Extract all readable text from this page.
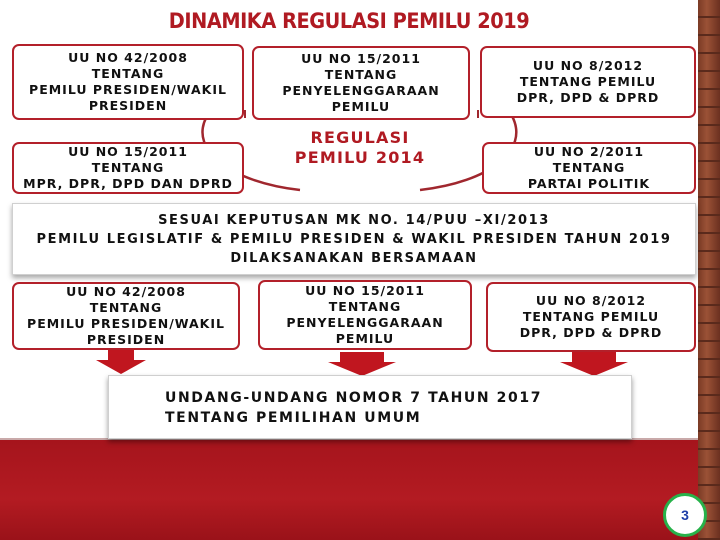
DINAMIKA REGULASI PEMILU 2019
UU NO 42/2008
TENTANG
PEMILU PRESIDEN/WAKIL
PRESIDEN
UU NO 15/2011
TENTANG
PENYELENGGARAAN
PEMILU
UU NO 8/2012
TENTANG PEMILU
DPR, DPD & DPRD
UU NO 15/2011
TENTANG
MPR, DPR, DPD DAN DPRD
REGULASI
PEMILU 2014	UU NO 2/2011
TENTANG
PARTAI POLITIK
SESUAI KEPUTUSAN MK NO. 14/PUU –XI/2013
PEMILU LEGISLATIF & PEMILU PRESIDEN & WAKIL PRESIDEN TAHUN 2019
DILAKSANAKAN BERSAMAAN
UU NO 42/2008
TENTANG
PEMILU PRESIDEN/WAKIL
PRESIDEN
UU NO 15/2011
TENTANG
PENYELENGGARAAN
PEMILU
UU NO 8/2012
TENTANG PEMILU
DPR, DPD & DPRD
UNDANG-UNDANG NOMOR 7 TAHUN 2017
TENTANG PEMILIHAN UMUM
3
